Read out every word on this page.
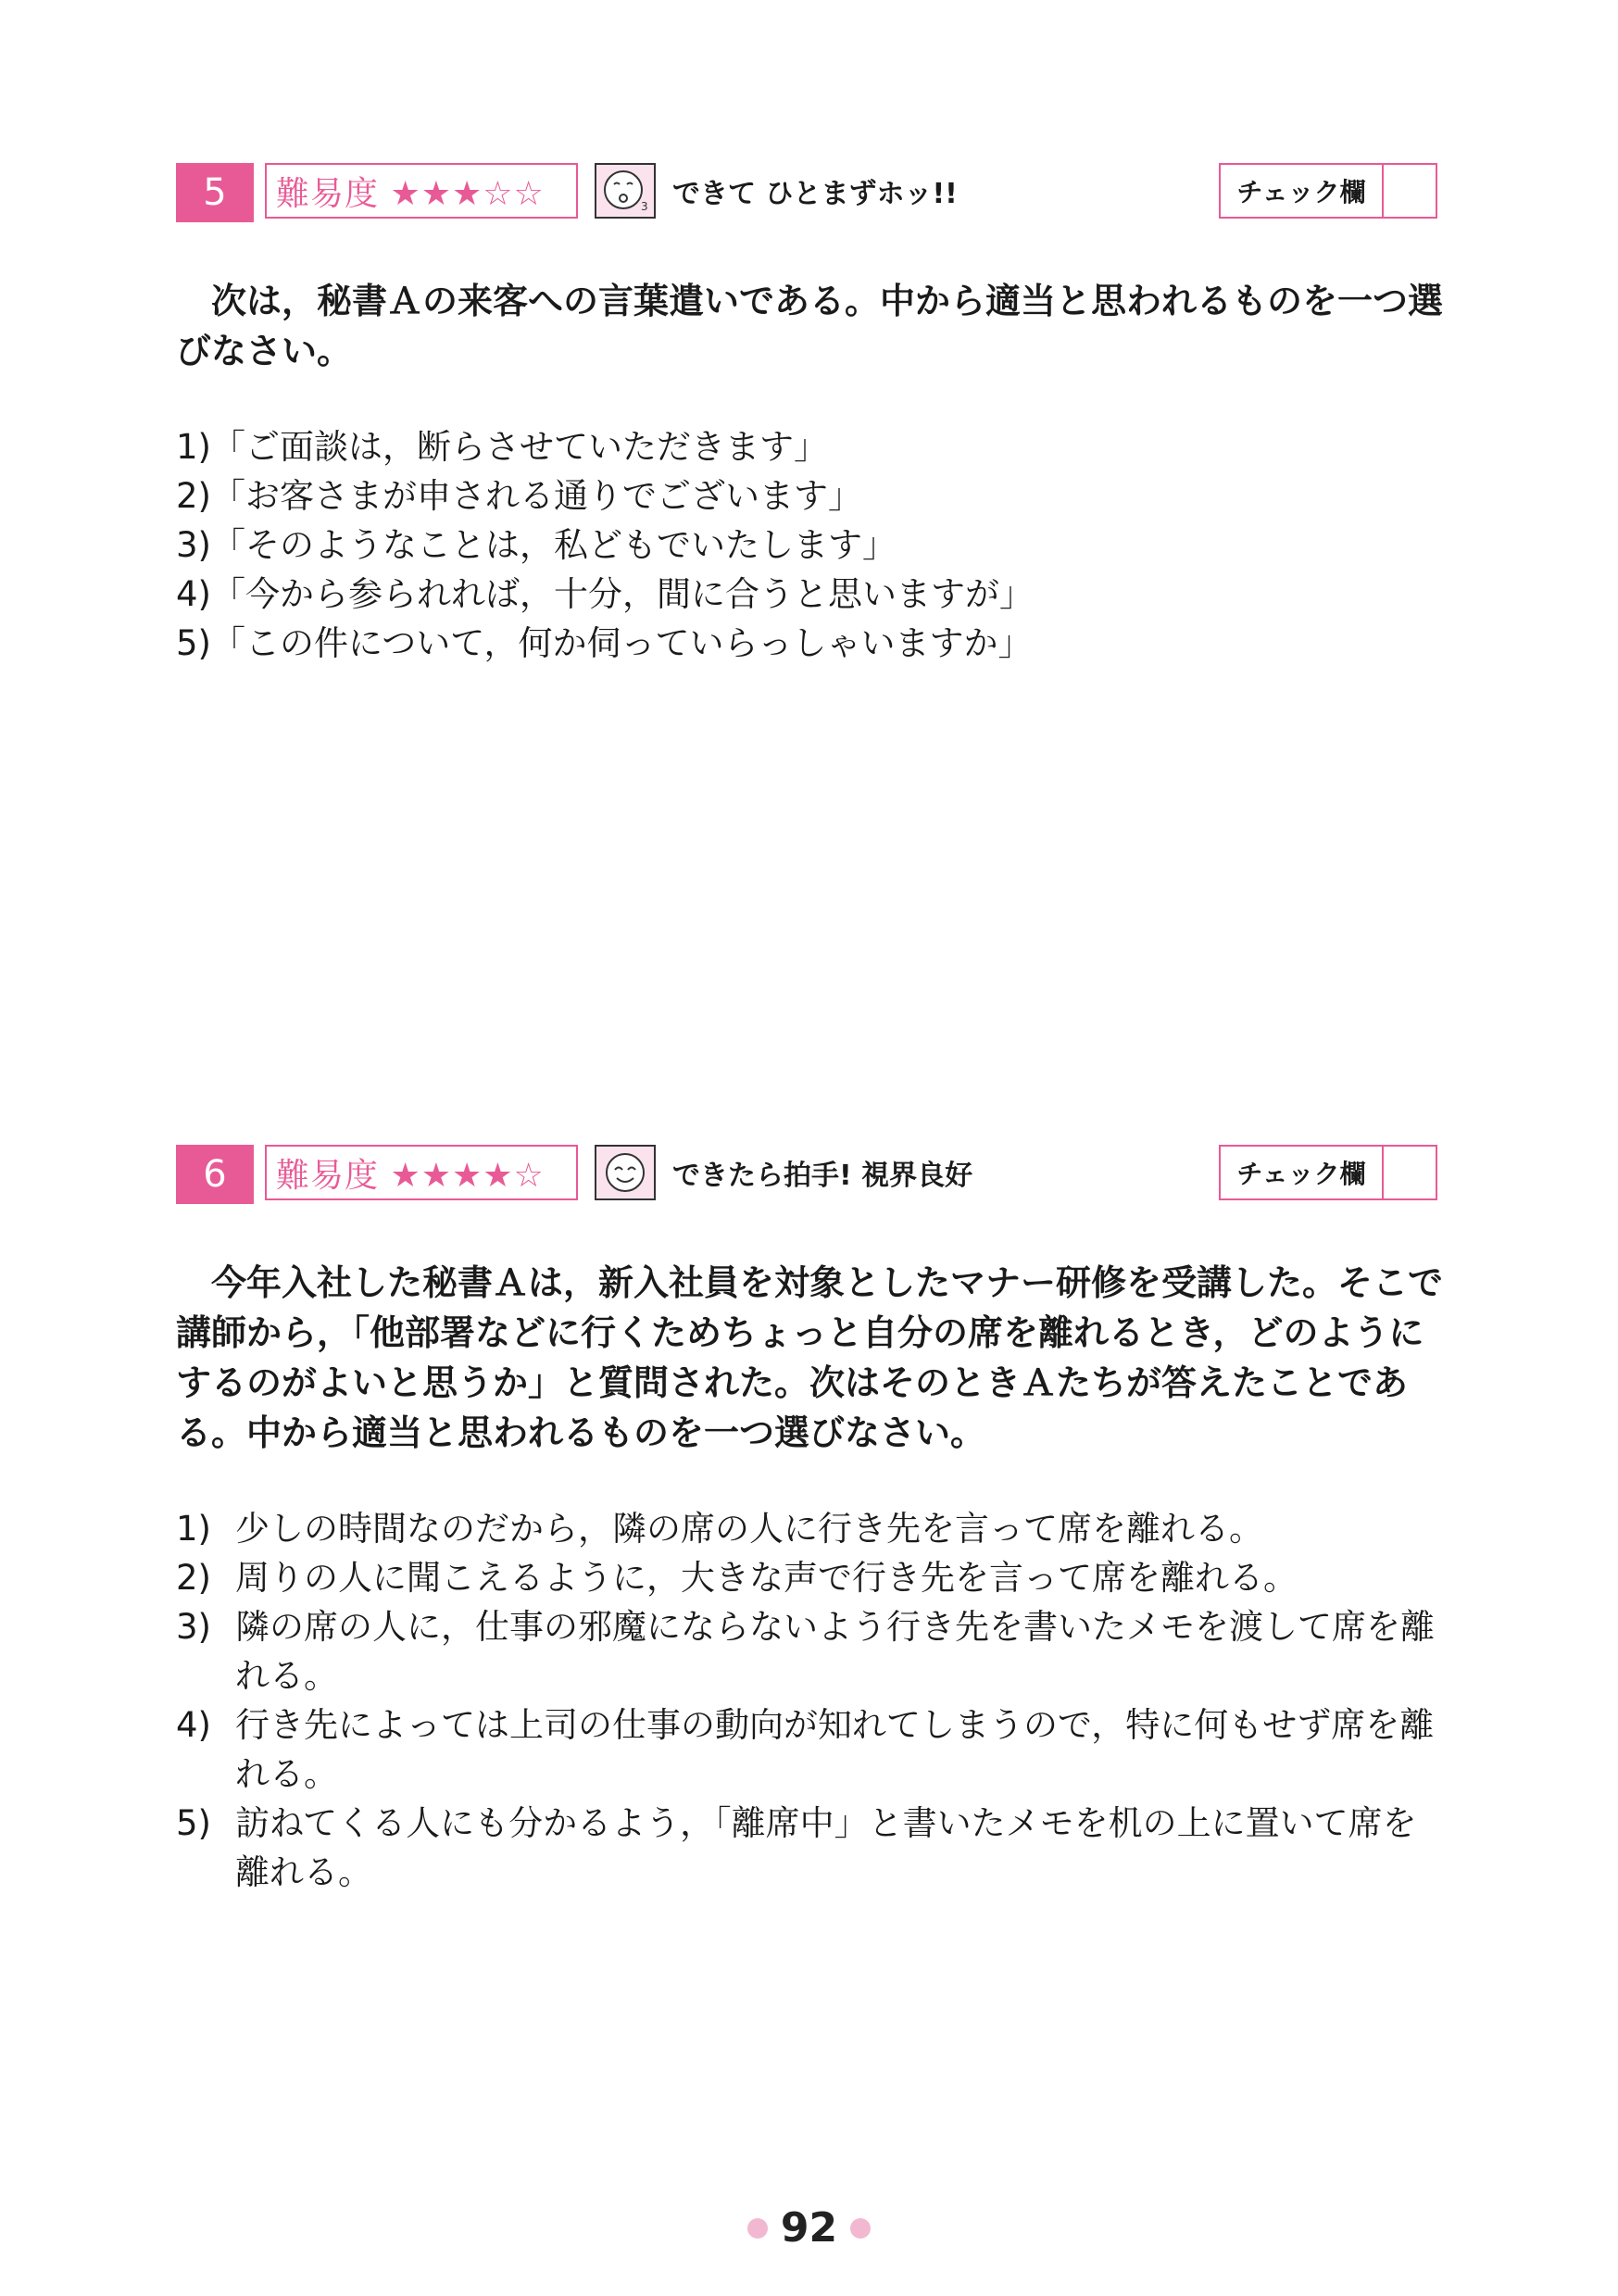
5	難易度 ★★★☆☆	3 できて ひとまずホッ!!	チェック欄

次は，秘書Ａの来客への言葉遣いである。中から適当と思われるものを一つ選びなさい。

1) 「ご面談は，断らさせていただきます」
2) 「お客さまが申される通りでございます」
3) 「そのようなことは，私どもでいたします」
4) 「今から参られれば，十分，間に合うと思いますが」
5) 「この件について，何か伺っていらっしゃいますか」
6	難易度 ★★★★☆	できたら拍手! 視界良好	チェック欄

今年入社した秘書Ａは，新入社員を対象としたマナー研修を受講した。そこで講師から，「他部署などに行くためちょっと自分の席を離れるとき，どのようにするのがよいと思うか」と質問された。次はそのときＡたちが答えたことである。中から適当と思われるものを一つ選びなさい。

1) 少しの時間なのだから，隣の席の人に行き先を言って席を離れる。
2) 周りの人に聞こえるように，大きな声で行き先を言って席を離れる。
3) 隣の席の人に，仕事の邪魔にならないよう行き先を書いたメモを渡して席を離れる。
4) 行き先によっては上司の仕事の動向が知れてしまうので，特に何もせず席を離れる。
5) 訪ねてくる人にも分かるよう，「離席中」と書いたメモを机の上に置いて席を離れる。
92
